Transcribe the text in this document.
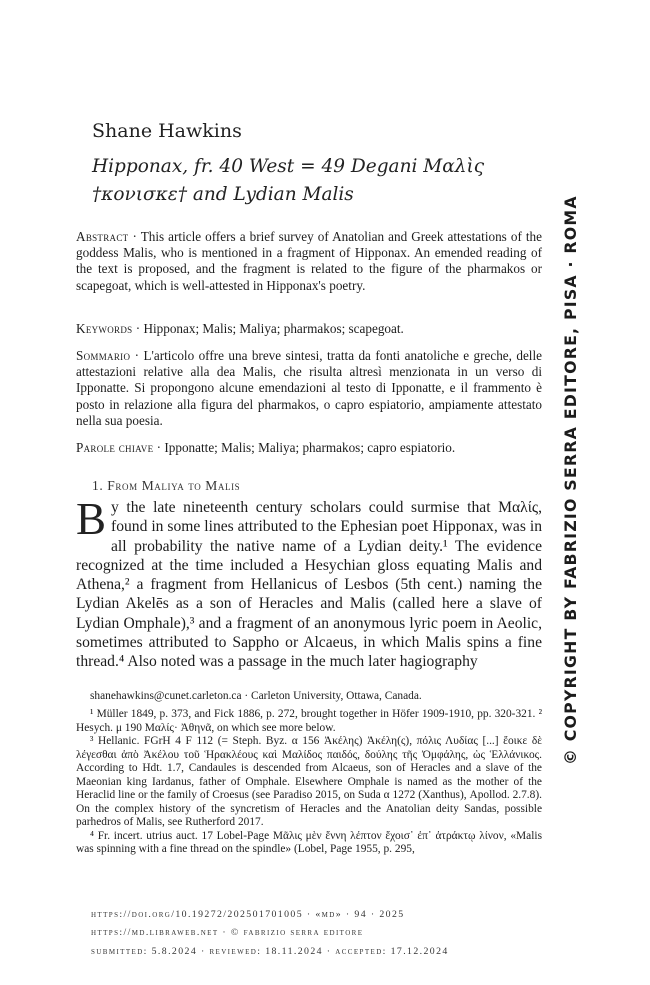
Shane Hawkins
Hipponax, fr. 40 West = 49 Degani Μαλὶς †κονισκε† and Lydian Malis
Abstract · This article offers a brief survey of Anatolian and Greek attestations of the goddess Malis, who is mentioned in a fragment of Hipponax. An emended reading of the text is proposed, and the fragment is related to the figure of the pharmakos or scapegoat, which is well-attested in Hipponax's poetry.
Keywords · Hipponax; Malis; Maliya; pharmakos; scapegoat.
Sommario · L'articolo offre una breve sintesi, tratta da fonti anatoliche e greche, delle attestazioni relative alla dea Malis, che risulta altresì menzionata in un verso di Ipponatte. Si propongono alcune emendazioni al testo di Ipponatte, e il frammento è posto in relazione alla figura del pharmakos, o capro espiatorio, ampiamente attestato nella sua poesia.
Parole chiave · Ipponatte; Malis; Maliya; pharmakos; capro espiatorio.
1. From Maliya to Malis
By the late nineteenth century scholars could surmise that Μαλίς, found in some lines attributed to the Ephesian poet Hipponax, was in all probability the native name of a Lydian deity.¹ The evidence recognized at the time included a Hesychian gloss equating Malis and Athena,² a fragment from Hellanicus of Lesbos (5th cent.) naming the Lydian Akelēs as a son of Heracles and Malis (called here a slave of Lydian Omphale),³ and a fragment of an anonymous lyric poem in Aeolic, sometimes attributed to Sappho or Alcaeus, in which Malis spins a fine thread.⁴ Also noted was a passage in the much later hagiography
shanehawkins@cunet.carleton.ca · Carleton University, Ottawa, Canada.
¹ Müller 1849, p. 373, and Fick 1886, p. 272, brought together in Höfer 1909-1910, pp. 320-321. ² Hesych. μ 190 Μαλίς· Ἀθηνᾶ, on which see more below.
³ Hellanic. FGrH 4 F 112 (= Steph. Byz. α 156 Ἀκέλης) Ἀκέλη(ς), πόλις Λυδίας [...] ἔοικε δὲ λέγεσθαι ἀπὸ Ἀκέλου τοῦ Ἡρακλέους καὶ Μαλίδος παιδός, δούλης τῆς Ὀμφάλης, ὡς Ἑλλάνικος. According to Hdt. 1.7, Candaules is descended from Alcaeus, son of Heracles and a slave of the Maeonian king Iardanus, father of Omphale. Elsewhere Omphale is named as the mother of the Heraclid line or the family of Croesus (see Paradiso 2015, on Suda α 1272 (Xanthus), Apollod. 2.7.8). On the complex history of the syncretism of Heracles and the Anatolian deity Sandas, possible parhedros of Malis, see Rutherford 2017.
⁴ Fr. incert. utrius auct. 17 Lobel-Page Μᾶλις μὲν ἔννη λέπτον ἔχοισ᾽ ἐπ᾽ ἀτράκτῳ λίνον, «Malis was spinning with a fine thread on the spindle» (Lobel, Page 1955, p. 295,
https://doi.org/10.19272/202501701005 · «md» · 94 · 2025
https://md.libraweb.net · © fabrizio serra editore
submitted: 5.8.2024 · reviewed: 18.11.2024 · accepted: 17.12.2024
© COPYRIGHT BY FABRIZIO SERRA EDITORE, PISA · ROMA
